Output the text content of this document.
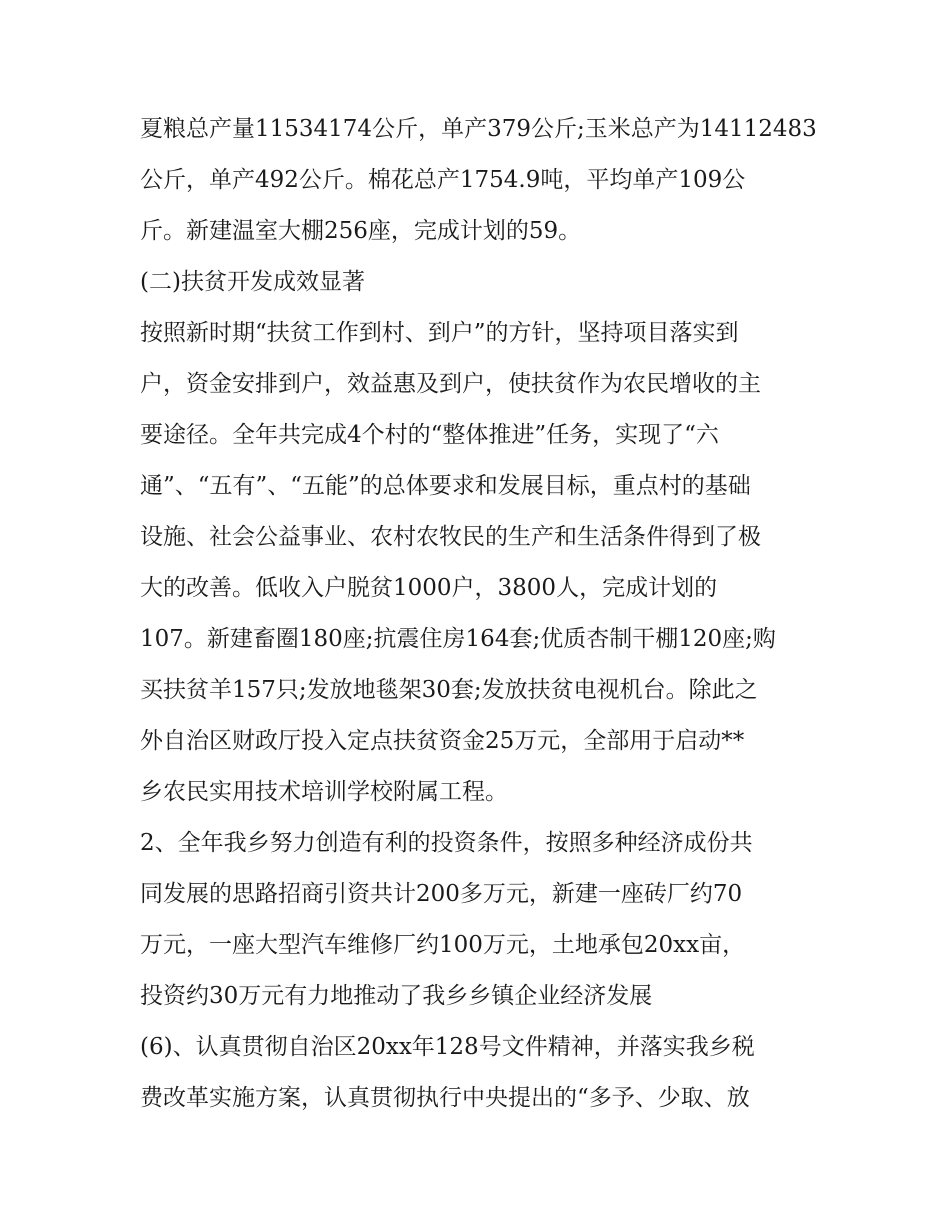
夏粮总产量11534174公斤，单产379公斤;玉米总产为14112483
公斤，单产492公斤。棉花总产1754.9吨，平均单产109公
斤。新建温室大棚256座，完成计划的59。
(二)扶贫开发成效显著
按照新时期“扶贫工作到村、到户”的方针，坚持项目落实到
户，资金安排到户，效益惠及到户，使扶贫作为农民增收的主
要途径。全年共完成4个村的“整体推进”任务，实现了“六
通”、“五有”、“五能”的总体要求和发展目标，重点村的基础
设施、社会公益事业、农村农牧民的生产和生活条件得到了极
大的改善。低收入户脱贫1000户，3800人，完成计划的
107。新建畜圈180座;抗震住房164套;优质杏制干棚120座;购
买扶贫羊157只;发放地毯架30套;发放扶贫电视机台。除此之
外自治区财政厅投入定点扶贫资金25万元，全部用于启动**
乡农民实用技术培训学校附属工程。
2、全年我乡努力创造有利的投资条件，按照多种经济成份共
同发展的思路招商引资共计200多万元，新建一座砖厂约70
万元，一座大型汽车维修厂约100万元，土地承包20xx亩，
投资约30万元有力地推动了我乡乡镇企业经济发展
(6)、认真贯彻自治区20xx年128号文件精神，并落实我乡税
费改革实施方案，认真贯彻执行中央提出的“多予、少取、放
